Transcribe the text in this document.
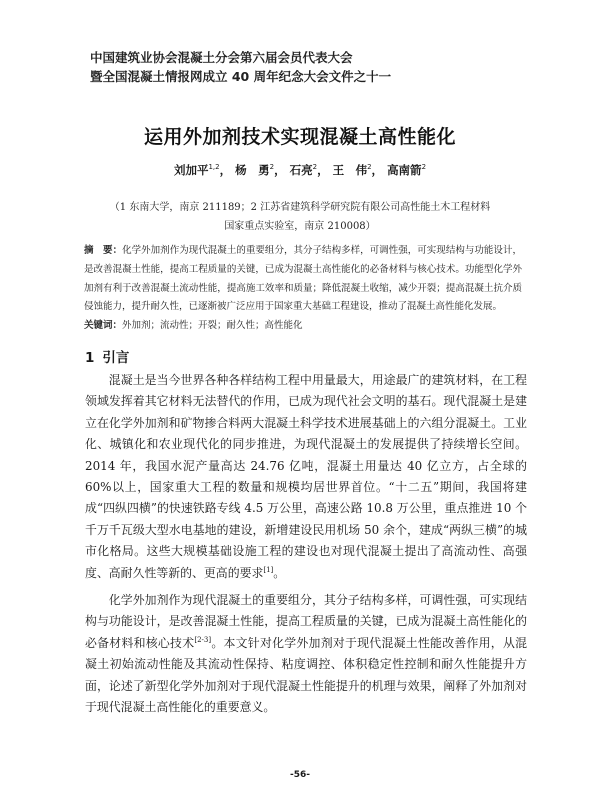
中国建筑业协会混凝土分会第六届会员代表大会
暨全国混凝土情报网成立 40 周年纪念大会文件之十一
运用外加剂技术实现混凝土高性能化
刘加平$^{1,2}$， 杨　勇$^2$， 石亮$^2$， 王　伟$^2$， 高南箭$^2$
（1 东南大学，南京 211189；2 江苏省建筑科学研究院有限公司高性能土木工程材料
国家重点实验室，南京 210008）
摘　要：化学外加剂作为现代混凝土的重要组分，其分子结构多样，可调性强，可实现结构与功能设计，是改善混凝土性能，提高工程质量的关键，已成为混凝土高性能化的必备材料与核心技术。功能型化学外加剂有利于改善混凝土流动性能，提高施工效率和质量；降低混凝土收缩，减少开裂；提高混凝土抗介质侵蚀能力，提升耐久性，已逐渐被广泛应用于国家重大基础工程建设，推动了混凝土高性能化发展。
关键词：外加剂；流动性；开裂；耐久性；高性能化
1 引言

混凝土是当今世界各种各样结构工程中用量最大，用途最广的建筑材料，在工程领域发挥着其它材料无法替代的作用，已成为现代社会文明的基石。现代混凝土是建立在化学外加剂和矿物掺合料两大混凝土科学技术进展基础上的六组分混凝土。工业化、城镇化和农业现代化的同步推进，为现代混凝土的发展提供了持续增长空间。2014 年，我国水泥产量高达 24.76 亿吨，混凝土用量达 40 亿立方，占全球的 60%以上，国家重大工程的数量和规模均居世界首位。“十二五”期间，我国将建成“四纵四横”的快速铁路专线 4.5 万公里，高速公路 10.8 万公里，重点推进 10 个千万千瓦级大型水电基地的建设，新增建设民用机场 50 余个，建成“两纵三横”的城市化格局。这些大规模基础设施工程的建设也对现代混凝土提出了高流动性、高强度、高耐久性等新的、更高的要求[1]。

化学外加剂作为现代混凝土的重要组分，其分子结构多样，可调性强，可实现结构与功能设计，是改善混凝土性能，提高工程质量的关键，已成为混凝土高性能化的必备材料和核心技术[2-3]。本文针对化学外加剂对于现代混凝土性能改善作用，从混凝土初始流动性能及其流动性保持、粘度调控、体积稳定性控制和耐久性能提升方面，论述了新型化学外加剂对于现代混凝土性能提升的机理与效果，阐释了外加剂对于现代混凝土高性能化的重要意义。

-56-
